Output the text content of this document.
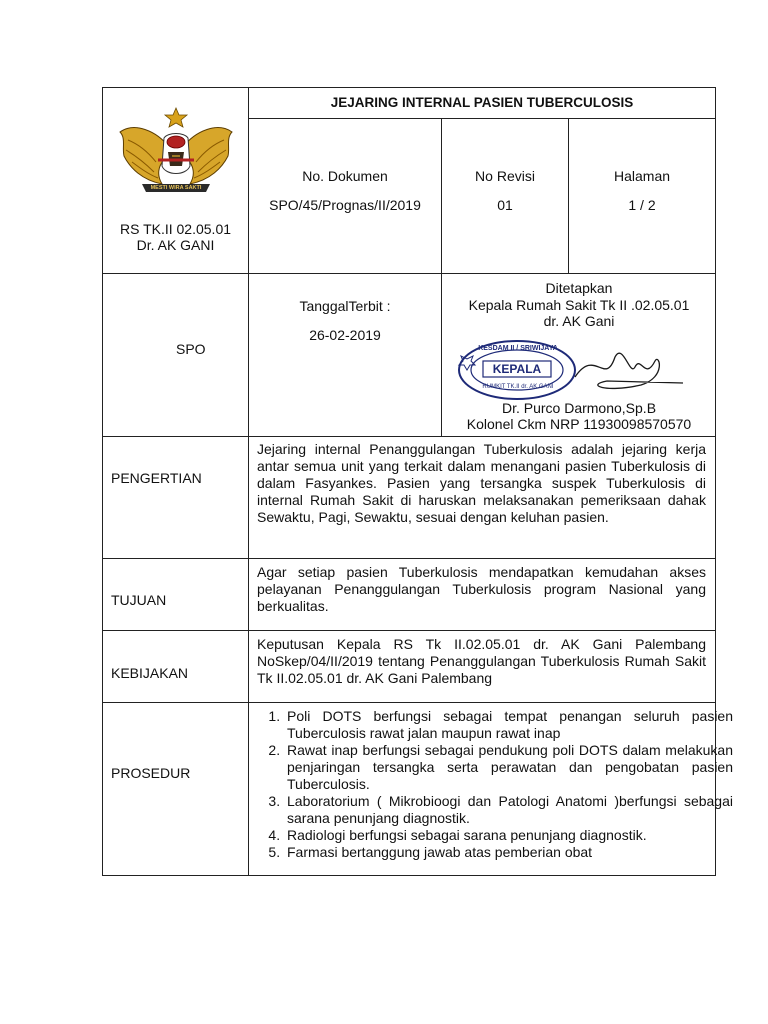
MESTI WIRA SAKTI
RS TK.II 02.05.01
Dr. AK GANI
JEJARING INTERNAL PASIEN TUBERCULOSIS
No. Dokumen
SPO/45/Prognas/II/2019
No Revisi
01
Halaman
1 / 2
SPO
TanggalTerbit :
26-02-2019
Ditetapkan
Kepala Rumah Sakit Tk II .02.05.01
dr. AK Gani
KESDAM II / SRIWIJAYA
KEPALA
RUMKIT TK.II dr. AK GANI
Dr. Purco Darmono,Sp.B
Kolonel Ckm NRP 11930098570570
PENGERTIAN
Jejaring internal Penanggulangan Tuberkulosis adalah jejaring kerja antar semua unit yang terkait dalam menangani pasien Tuberkulosis di dalam Fasyankes. Pasien yang tersangka suspek Tuberkulosis di internal Rumah Sakit di haruskan melaksanakan pemeriksaan dahak Sewaktu, Pagi, Sewaktu, sesuai dengan keluhan pasien.
TUJUAN
Agar setiap pasien Tuberkulosis mendapatkan kemudahan akses pelayanan Penanggulangan Tuberkulosis program Nasional yang berkualitas.
KEBIJAKAN
Keputusan Kepala RS Tk II.02.05.01 dr. AK Gani Palembang NoSkep/04/II/2019 tentang Penanggulangan Tuberkulosis Rumah Sakit Tk II.02.05.01 dr. AK Gani Palembang
PROSEDUR
1. Poli DOTS berfungsi sebagai tempat penangan seluruh pasien Tuberculosis rawat jalan maupun rawat inap
2. Rawat inap berfungsi sebagai pendukung poli DOTS dalam melakukan penjaringan tersangka serta perawatan dan pengobatan pasien Tuberculosis.
3. Laboratorium ( Mikrobioogi dan Patologi Anatomi )berfungsi sebagai sarana penunjang diagnostik.
4. Radiologi berfungsi sebagai sarana penunjang diagnostik.
5. Farmasi bertanggung jawab atas pemberian obat
